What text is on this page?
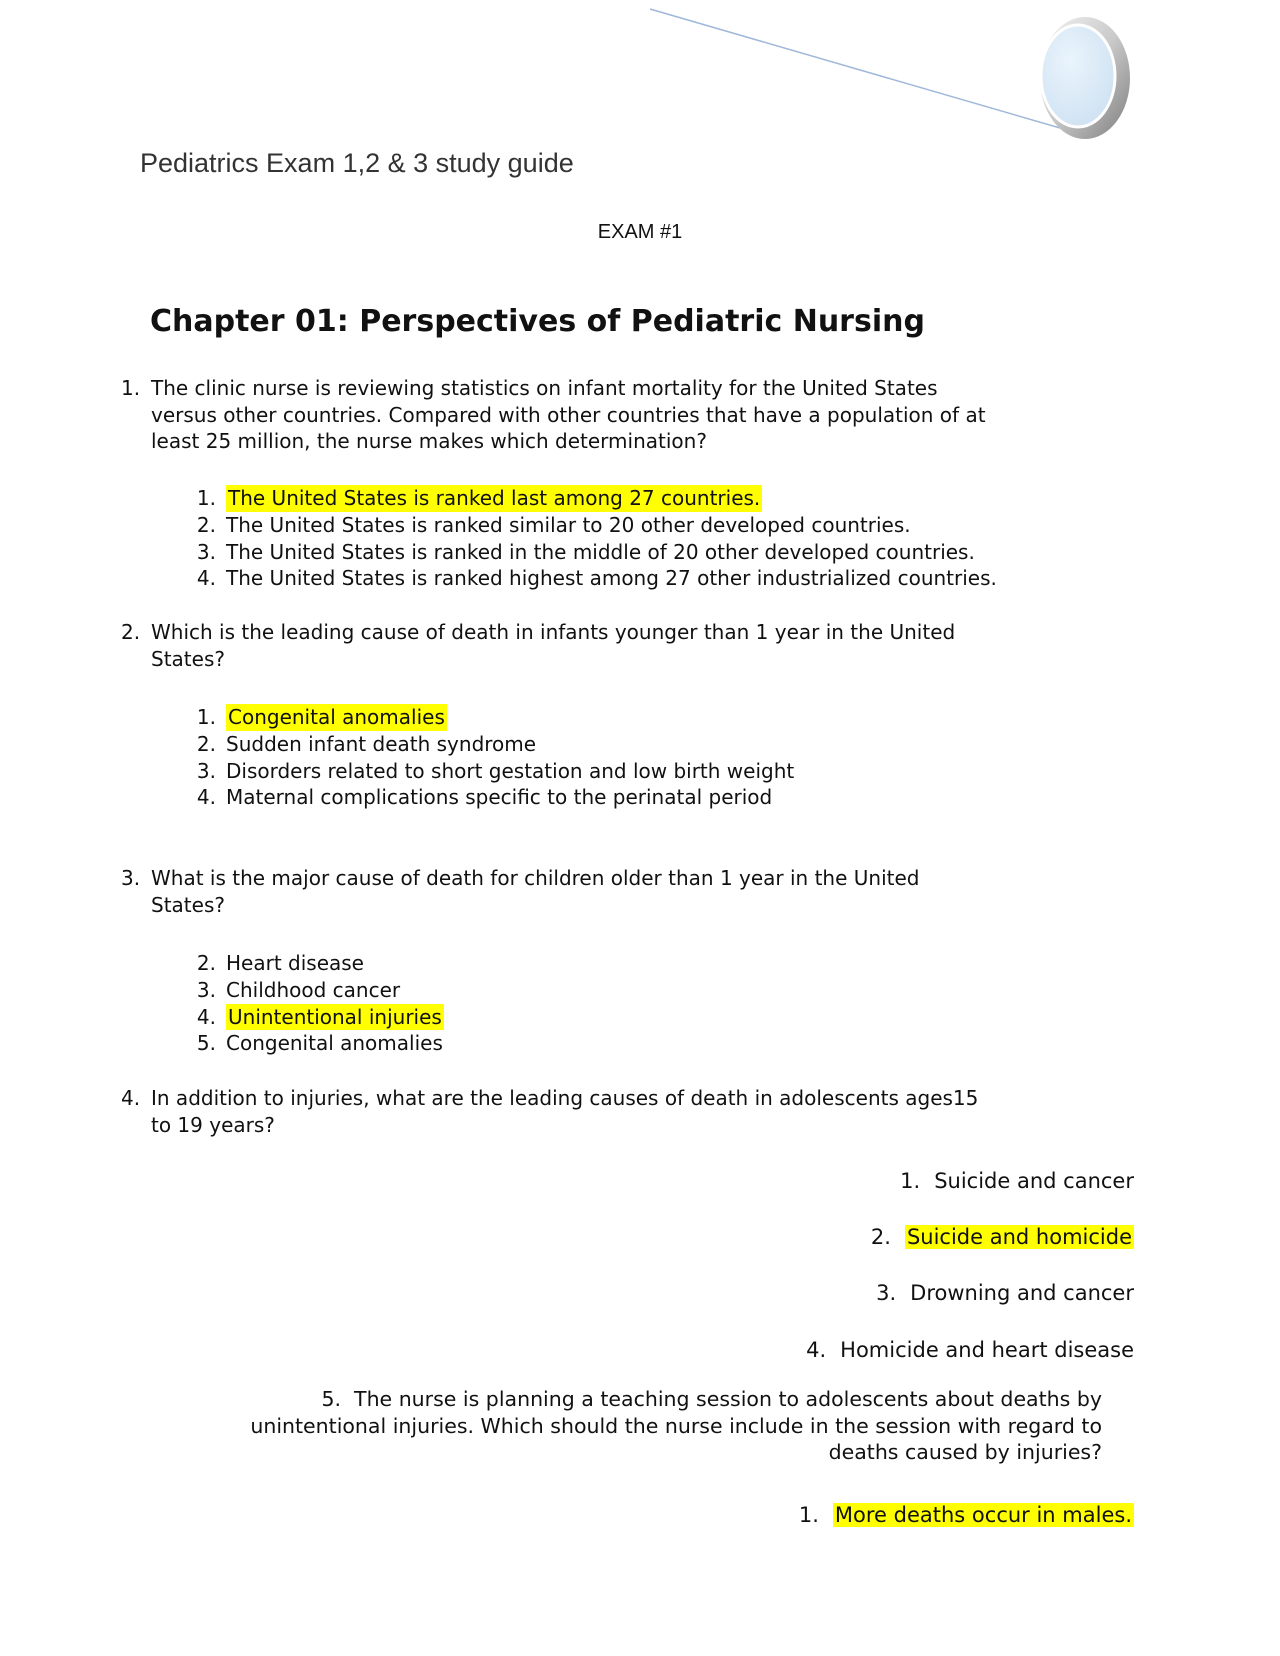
Pediatrics Exam 1,2 & 3 study guide
EXAM #1
Chapter 01: Perspectives of Pediatric Nursing
1. The clinic nurse is reviewing statistics on infant mortality for the United States
versus other countries. Compared with other countries that have a population of at
least 25 million, the nurse makes which determination?
1. The United States is ranked last among 27 countries.
2. The United States is ranked similar to 20 other developed countries.
3. The United States is ranked in the middle of 20 other developed countries.
4. The United States is ranked highest among 27 other industrialized countries.
2. Which is the leading cause of death in infants younger than 1 year in the United
States?
1. Congenital anomalies
2. Sudden infant death syndrome
3. Disorders related to short gestation and low birth weight
4. Maternal complications specific to the perinatal period
3. What is the major cause of death for children older than 1 year in the United
States?
2. Heart disease
3. Childhood cancer
4. Unintentional injuries
5. Congenital anomalies
4. In addition to injuries, what are the leading causes of death in adolescents ages15
to 19 years?
1. Suicide and cancer
2. Suicide and homicide
3. Drowning and cancer
4. Homicide and heart disease
5. The nurse is planning a teaching session to adolescents about deaths by
unintentional injuries. Which should the nurse include in the session with regard to
deaths caused by injuries?
1. More deaths occur in males.
